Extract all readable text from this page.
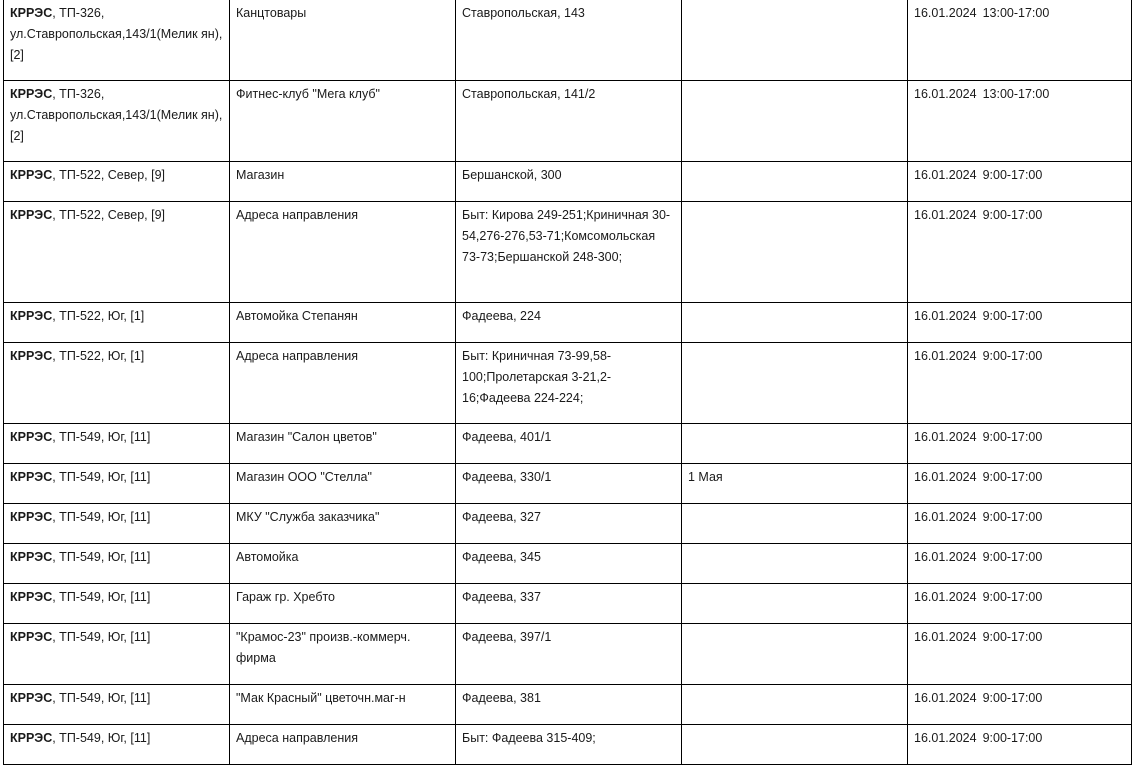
КРРЭС, ТП-326, ул.Ставропольская,143/1(Мелик ян), [2]	Канцтовары	Ставропольская, 143		16.01.2024 13:00-17:00
КРРЭС, ТП-326, ул.Ставропольская,143/1(Мелик ян), [2]	Фитнес-клуб "Мега клуб"	Ставропольская, 141/2		16.01.2024 13:00-17:00
КРРЭС, ТП-522, Север, [9]	Магазин	Бершанской, 300		16.01.2024 9:00-17:00
КРРЭС, ТП-522, Север, [9]	Адреса направления	Быт: Кирова 249-251;Криничная 30-54,276-276,53-71;Комсомольская 73-73;Бершанской 248-300;		16.01.2024 9:00-17:00
КРРЭС, ТП-522, Юг, [1]	Автомойка Степанян	Фадеева, 224		16.01.2024 9:00-17:00
КРРЭС, ТП-522, Юг, [1]	Адреса направления	Быт: Криничная 73-99,58-100;Пролетарская 3-21,2-16;Фадеева 224-224;		16.01.2024 9:00-17:00
КРРЭС, ТП-549, Юг, [11]	Магазин "Салон цветов"	Фадеева, 401/1		16.01.2024 9:00-17:00
КРРЭС, ТП-549, Юг, [11]	Магазин ООО "Стелла"	Фадеева, 330/1	1 Мая	16.01.2024 9:00-17:00
КРРЭС, ТП-549, Юг, [11]	МКУ "Служба заказчика"	Фадеева, 327		16.01.2024 9:00-17:00
КРРЭС, ТП-549, Юг, [11]	Автомойка	Фадеева, 345		16.01.2024 9:00-17:00
КРРЭС, ТП-549, Юг, [11]	Гараж гр. Хребто	Фадеева, 337		16.01.2024 9:00-17:00
КРРЭС, ТП-549, Юг, [11]	"Крамос-23" произв.-коммерч. фирма	Фадеева, 397/1		16.01.2024 9:00-17:00
КРРЭС, ТП-549, Юг, [11]	"Мак Красный" цветочн.маг-н	Фадеева, 381		16.01.2024 9:00-17:00
КРРЭС, ТП-549, Юг, [11]	Адреса направления	Быт: Фадеева 315-409;		16.01.2024 9:00-17:00
